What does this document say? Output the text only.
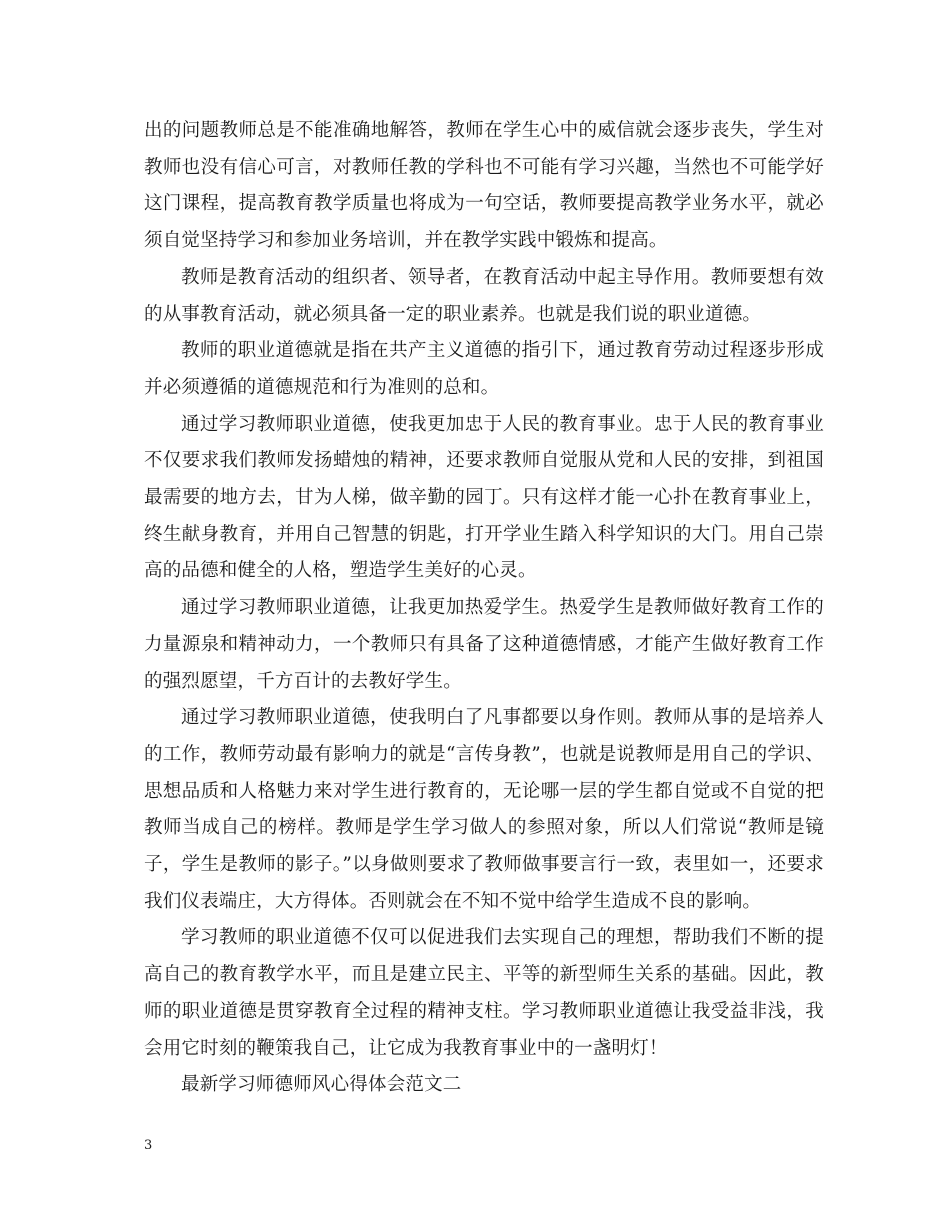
出的问题教师总是不能准确地解答，教师在学生心中的威信就会逐步丧失，学生对教师也没有信心可言，对教师任教的学科也不可能有学习兴趣，当然也不可能学好这门课程，提高教育教学质量也将成为一句空话，教师要提高教学业务水平，就必须自觉坚持学习和参加业务培训，并在教学实践中锻炼和提高。

教师是教育活动的组织者、领导者，在教育活动中起主导作用。教师要想有效的从事教育活动，就必须具备一定的职业素养。也就是我们说的职业道德。

教师的职业道德就是指在共产主义道德的指引下，通过教育劳动过程逐步形成并必须遵循的道德规范和行为准则的总和。

通过学习教师职业道德，使我更加忠于人民的教育事业。忠于人民的教育事业不仅要求我们教师发扬蜡烛的精神，还要求教师自觉服从党和人民的安排，到祖国最需要的地方去，甘为人梯，做辛勤的园丁。只有这样才能一心扑在教育事业上，终生献身教育，并用自己智慧的钥匙，打开学业生踏入科学知识的大门。用自己崇高的品德和健全的人格，塑造学生美好的心灵。

通过学习教师职业道德，让我更加热爱学生。热爱学生是教师做好教育工作的力量源泉和精神动力，一个教师只有具备了这种道德情感，才能产生做好教育工作的强烈愿望，千方百计的去教好学生。

通过学习教师职业道德，使我明白了凡事都要以身作则。教师从事的是培养人的工作，教师劳动最有影响力的就是“言传身教”，也就是说教师是用自己的学识、思想品质和人格魅力来对学生进行教育的，无论哪一层的学生都自觉或不自觉的把教师当成自己的榜样。教师是学生学习做人的参照对象，所以人们常说“教师是镜子，学生是教师的影子。”以身做则要求了教师做事要言行一致，表里如一，还要求我们仪表端庄，大方得体。否则就会在不知不觉中给学生造成不良的影响。

学习教师的职业道德不仅可以促进我们去实现自己的理想，帮助我们不断的提高自己的教育教学水平，而且是建立民主、平等的新型师生关系的基础。因此，教师的职业道德是贯穿教育全过程的精神支柱。学习教师职业道德让我受益非浅，我会用它时刻的鞭策我自己，让它成为我教育事业中的一盏明灯！

最新学习师德师风心得体会范文二

3
